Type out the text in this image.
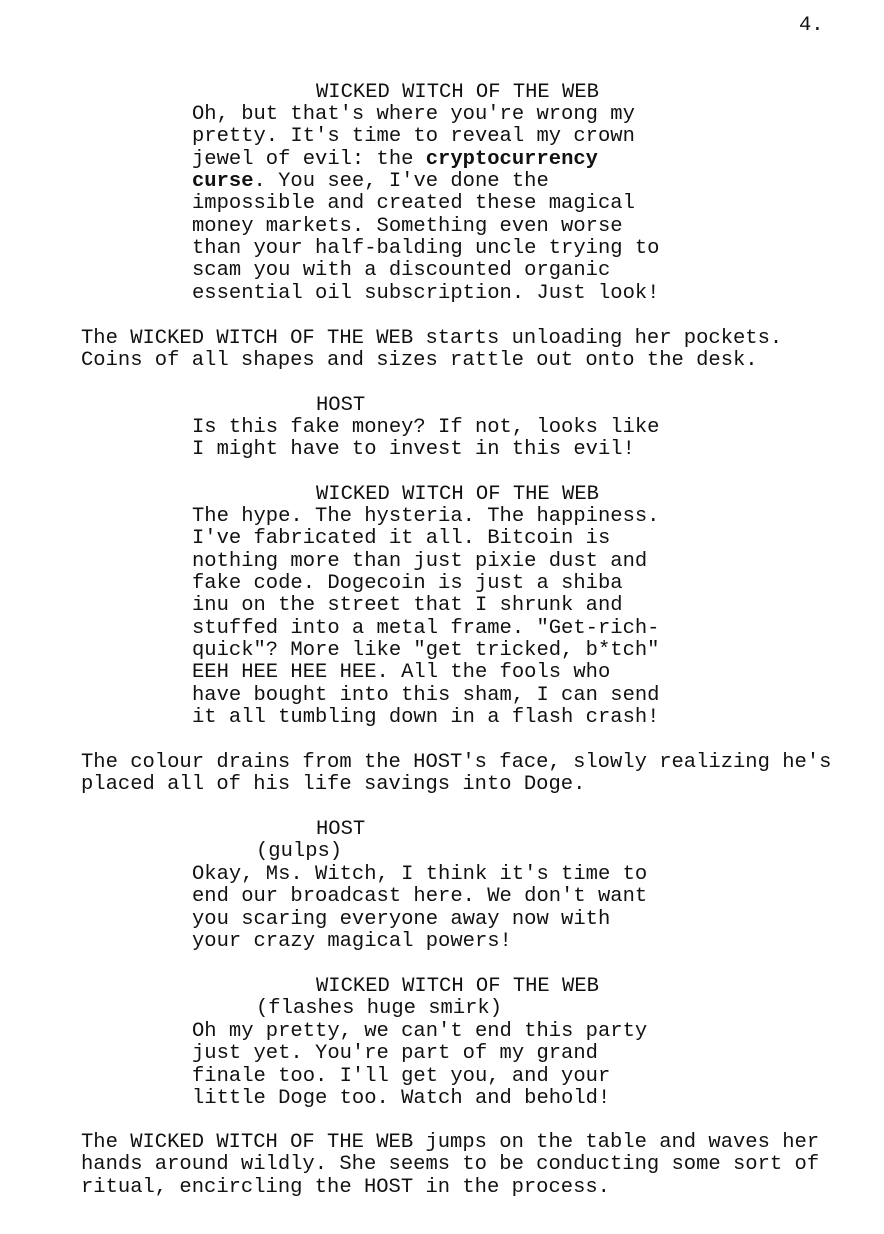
4.
WICKED WITCH OF THE WEB
Oh, but that's where you're wrong my
pretty. It's time to reveal my crown
jewel of evil: the cryptocurrency
curse. You see, I've done the
impossible and created these magical
money markets. Something even worse
than your half-balding uncle trying to
scam you with a discounted organic
essential oil subscription. Just look!
The WICKED WITCH OF THE WEB starts unloading her pockets.
Coins of all shapes and sizes rattle out onto the desk.
HOST
Is this fake money? If not, looks like
I might have to invest in this evil!
WICKED WITCH OF THE WEB
The hype. The hysteria. The happiness.
I've fabricated it all. Bitcoin is
nothing more than just pixie dust and
fake code. Dogecoin is just a shiba
inu on the street that I shrunk and
stuffed into a metal frame. "Get-rich-
quick"? More like "get tricked, b*tch"
EEH HEE HEE HEE. All the fools who
have bought into this sham, I can send
it all tumbling down in a flash crash!
The colour drains from the HOST's face, slowly realizing he's
placed all of his life savings into Doge.
HOST
(gulps)
Okay, Ms. Witch, I think it's time to
end our broadcast here. We don't want
you scaring everyone away now with
your crazy magical powers!
WICKED WITCH OF THE WEB
(flashes huge smirk)
Oh my pretty, we can't end this party
just yet. You're part of my grand
finale too. I'll get you, and your
little Doge too. Watch and behold!
The WICKED WITCH OF THE WEB jumps on the table and waves her
hands around wildly. She seems to be conducting some sort of
ritual, encircling the HOST in the process.
